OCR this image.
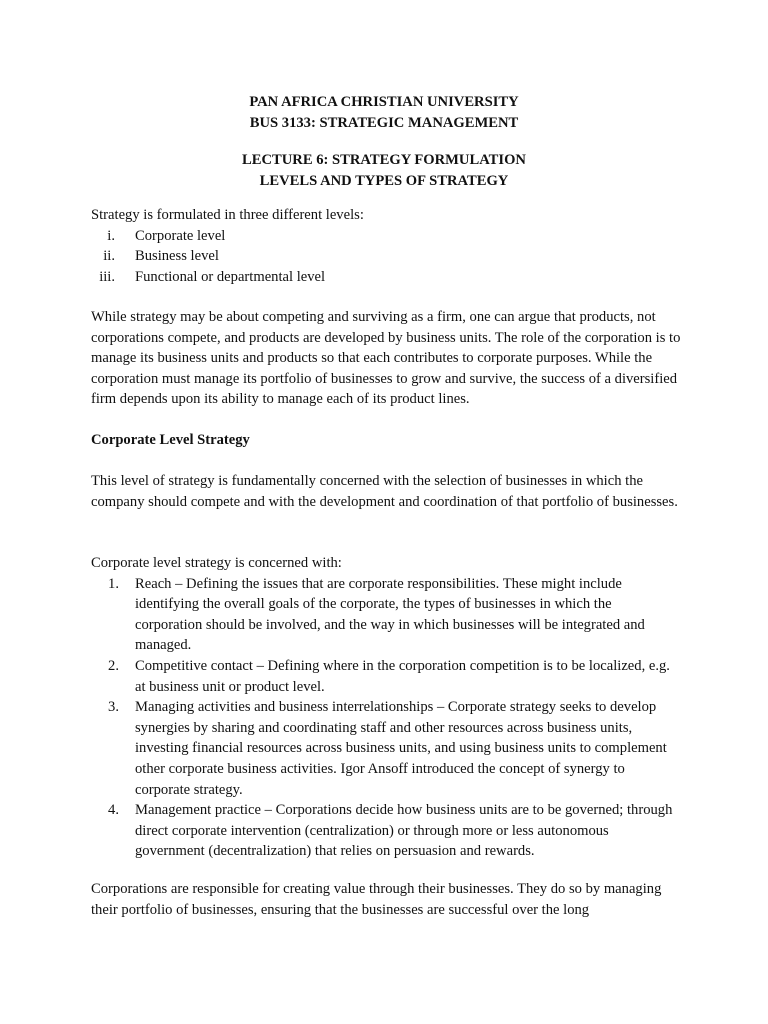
PAN AFRICA CHRISTIAN UNIVERSITY
BUS 3133: STRATEGIC MANAGEMENT
LECTURE 6: STRATEGY FORMULATION
LEVELS AND TYPES OF STRATEGY

Strategy is formulated in three different levels:

i. Corporate level
ii. Business level
iii. Functional or departmental level

While strategy may be about competing and surviving as a firm, one can argue that products, not corporations compete, and products are developed by business units. The role of the corporation is to manage its business units and products so that each contributes to corporate purposes. While the corporation must manage its portfolio of businesses to grow and survive, the success of a diversified firm depends upon its ability to manage each of its product lines.

Corporate Level Strategy

This level of strategy is fundamentally concerned with the selection of businesses in which the company should compete and with the development and coordination of that portfolio of businesses.

Corporate level strategy is concerned with:

1. Reach – Defining the issues that are corporate responsibilities. These might include identifying the overall goals of the corporate, the types of businesses in which the corporation should be involved, and the way in which businesses will be integrated and managed.
2. Competitive contact – Defining where in the corporation competition is to be localized, e.g. at business unit or product level.
3. Managing activities and business interrelationships – Corporate strategy seeks to develop synergies by sharing and coordinating staff and other resources across business units, investing financial resources across business units, and using business units to complement other corporate business activities. Igor Ansoff introduced the concept of synergy to corporate strategy.
4. Management practice – Corporations decide how business units are to be governed; through direct corporate intervention (centralization) or through more or less autonomous government (decentralization) that relies on persuasion and rewards.

Corporations are responsible for creating value through their businesses. They do so by managing their portfolio of businesses, ensuring that the businesses are successful over the long
